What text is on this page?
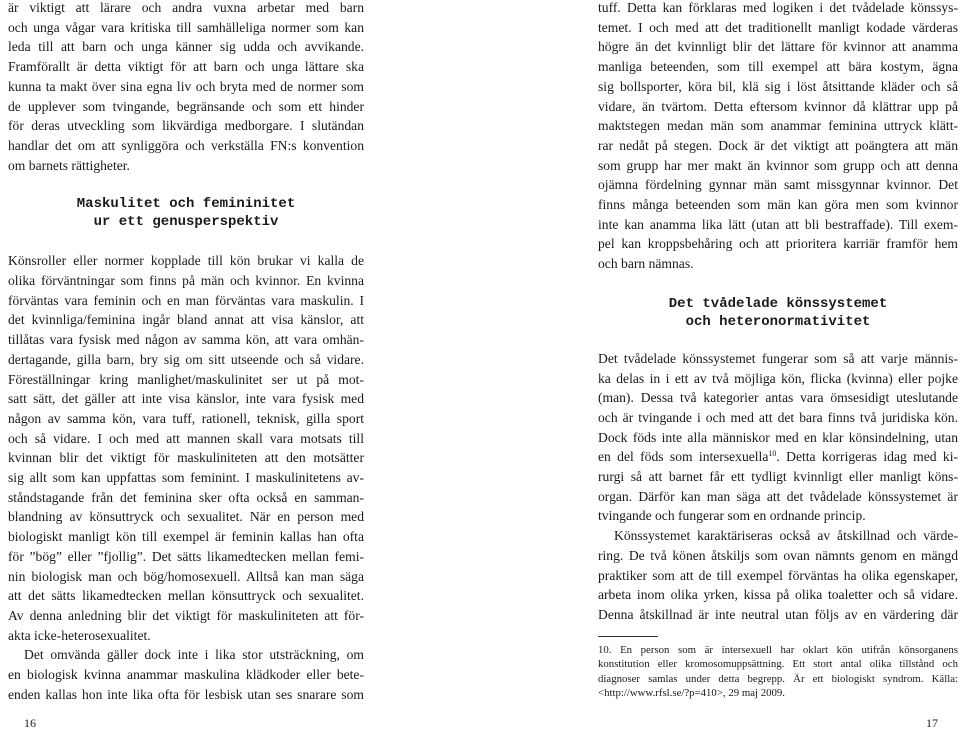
är viktigt att lärare och andra vuxna arbetar med barn
och unga vågar vara kritiska till samhälleliga normer som kan
leda till att barn och unga känner sig udda och avvikande.
Framförallt är detta viktigt för att barn och unga lättare ska
kunna ta makt över sina egna liv och bryta med de normer som
de upplever som tvingande, begränsande och som ett hinder
för deras utveckling som likvärdiga medborgare. I slutändan
handlar det om att synliggöra och verkställa FN:s konvention
om barnets rättigheter.
Maskulitet och femininitet
ur ett genusperspektiv
Könsroller eller normer kopplade till kön brukar vi kalla de
olika förväntningar som finns på män och kvinnor. En kvinna
förväntas vara feminin och en man förväntas vara maskulin. I
det kvinnliga/feminina ingår bland annat att visa känslor, att
tillåtas vara fysisk med någon av samma kön, att vara omhän-
dertagande, gilla barn, bry sig om sitt utseende och så vidare.
Föreställningar kring manlighet/maskulinitet ser ut på mot-
satt sätt, det gäller att inte visa känslor, inte vara fysisk med
någon av samma kön, vara tuff, rationell, teknisk, gilla sport
och så vidare. I och med att mannen skall vara motsats till
kvinnan blir det viktigt för maskuliniteten att den motsätter
sig allt som kan uppfattas som feminint. I maskulinitetens av-
ståndstagande från det feminina sker ofta också en samman-
blandning av könsuttryck och sexualitet. När en person med
biologiskt manligt kön till exempel är feminin kallas han ofta
för ”bög” eller ”fjollig”. Det sätts likamedtecken mellan femi-
nin biologisk man och bög/homosexuell. Alltså kan man säga
att det sätts likamedtecken mellan könsuttryck och sexualitet.
Av denna anledning blir det viktigt för maskuliniteten att för-
akta icke-heterosexualitet.
Det omvända gäller dock inte i lika stor utsträckning, om
en biologisk kvinna anammar maskulina klädkoder eller bete-
enden kallas hon inte lika ofta för lesbisk utan ses snarare som
16
tuff. Detta kan förklaras med logiken i det tvådelade könssys-
temet. I och med att det traditionellt manligt kodade värderas
högre än det kvinnligt blir det lättare för kvinnor att anamma
manliga beteenden, som till exempel att bära kostym, ägna
sig bollsporter, köra bil, klä sig i löst åtsittande kläder och så
vidare, än tvärtom. Detta eftersom kvinnor då klättrar upp på
maktstegen medan män som anammar feminina uttryck klätt-
rar nedåt på stegen. Dock är det viktigt att poängtera att män
som grupp har mer makt än kvinnor som grupp och att denna
ojämna fördelning gynnar män samt missgynnar kvinnor. Det
finns många beteenden som män kan göra men som kvinnor
inte kan anamma lika lätt (utan att bli bestraffade). Till exem-
pel kan kroppsbehåring och att prioritera karriär framför hem
och barn nämnas.
Det tvådelade könssystemet
och heteronormativitet
Det tvådelade könssystemet fungerar som så att varje männis-
ka delas in i ett av två möjliga kön, flicka (kvinna) eller pojke
(man). Dessa två kategorier antas vara ömsesidigt uteslutande
och är tvingande i och med att det bara finns två juridiska kön.
Dock föds inte alla människor med en klar könsindelning, utan
en del föds som intersexuella$^{10}$. Detta korrigeras idag med ki-
rurgi så att barnet får ett tydligt kvinnligt eller manligt köns-
organ. Därför kan man säga att det tvådelade könssystemet är
tvingande och fungerar som en ordnande princip.
Könssystemet karaktäriseras också av åtskillnad och värde-
ring. De två könen åtskiljs som ovan nämnts genom en mängd
praktiker som att de till exempel förväntas ha olika egenskaper,
arbeta inom olika yrken, kissa på olika toaletter och så vidare.
Denna åtskillnad är inte neutral utan följs av en värdering där
10. En person som är intersexuell har oklart kön utifrån könsorganens
konstitution eller kromosomuppsättning. Ett stort antal olika tillstånd och
diagnoser samlas under detta begrepp. Är ett biologiskt syndrom. Källa:
<http://www.rfsl.se/?p=410>, 29 maj 2009.
17
